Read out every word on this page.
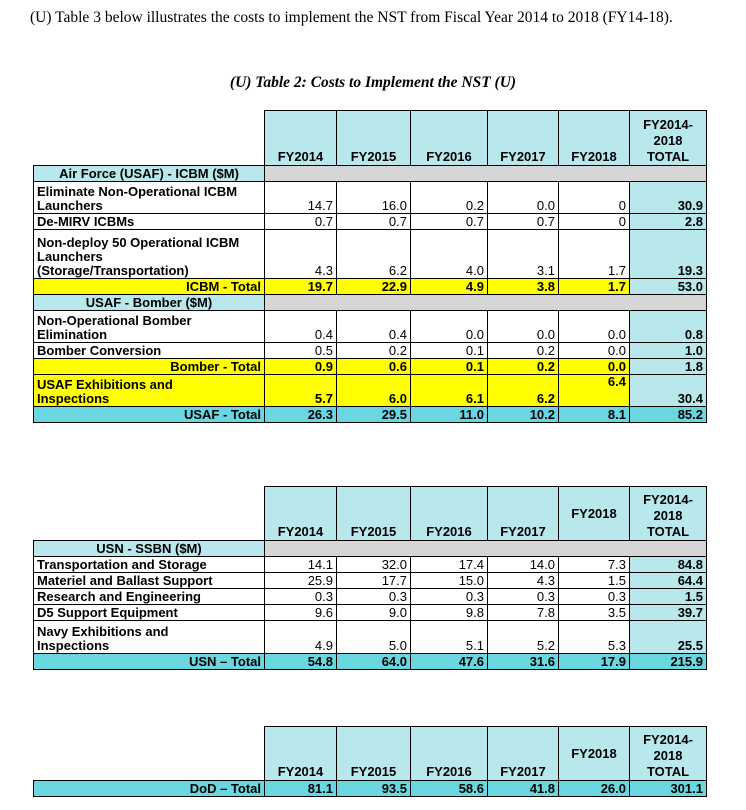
(U) Table 3 below illustrates the costs to implement the NST from Fiscal Year 2014 to 2018 (FY14-18).
(U) Table 2: Costs to Implement the NST (U)
	FY2014	FY2015	FY2016	FY2017	FY2018	FY2014-
2018
TOTAL
Air Force (USAF) - ICBM ($M)						
Eliminate Non-Operational ICBM
Launchers	14.7	16.0	0.2	0.0	0	30.9
De-MIRV ICBMs	0.7	0.7	0.7	0.7	0	2.8
Non-deploy 50 Operational ICBM
Launchers
(Storage/Transportation)	4.3	6.2	4.0	3.1	1.7	19.3
ICBM - Total	19.7	22.9	4.9	3.8	1.7	53.0
USAF - Bomber ($M)						
Non-Operational Bomber
Elimination	0.4	0.4	0.0	0.0	0.0	0.8
Bomber Conversion	0.5	0.2	0.1	0.2	0.0	1.0
Bomber - Total	0.9	0.6	0.1	0.2	0.0	1.8
USAF Exhibitions and
Inspections	5.7	6.0	6.1	6.2	6.4	30.4
USAF - Total	26.3	29.5	11.0	10.2	8.1	85.2
	FY2014	FY2015	FY2016	FY2017	FY2018	FY2014-
2018
TOTAL
USN - SSBN ($M)						
Transportation and Storage	14.1	32.0	17.4	14.0	7.3	84.8
Materiel and Ballast Support	25.9	17.7	15.0	4.3	1.5	64.4
Research and Engineering	0.3	0.3	0.3	0.3	0.3	1.5
D5 Support Equipment	9.6	9.0	9.8	7.8	3.5	39.7
Navy Exhibitions and
Inspections	4.9	5.0	5.1	5.2	5.3	25.5
USN – Total	54.8	64.0	47.6	31.6	17.9	215.9
	FY2014	FY2015	FY2016	FY2017	FY2018	FY2014-
2018
TOTAL
DoD – Total	81.1	93.5	58.6	41.8	26.0	301.1
